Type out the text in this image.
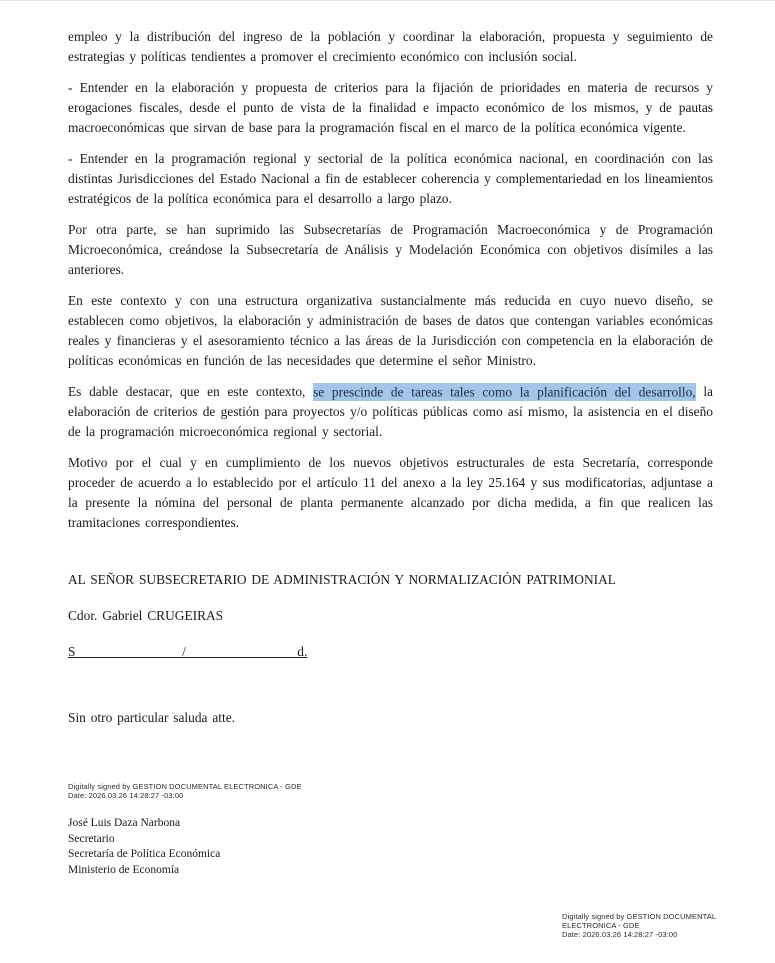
empleo y la distribución del ingreso de la población y coordinar la elaboración, propuesta y seguimiento de estrategias y políticas tendientes a promover el crecimiento económico con inclusión social.

- Entender en la elaboración y propuesta de criterios para la fijación de prioridades en materia de recursos y erogaciones fiscales, desde el punto de vista de la finalidad e impacto económico de los mismos, y de pautas macroeconómicas que sirvan de base para la programación fiscal en el marco de la política económica vigente.

- Entender en la programación regional y sectorial de la política económica nacional, en coordinación con las distintas Jurisdicciones del Estado Nacional a fin de establecer coherencia y complementariedad en los lineamientos estratégicos de la política económica para el desarrollo a largo plazo.

Por otra parte, se han suprimido las Subsecretarías de Programación Macroeconómica y de Programación Microeconómica, creándose la Subsecretaría de Análisis y Modelación Económica con objetivos disímiles a las anteriores.

En este contexto y con una estructura organizativa sustancialmente más reducida en cuyo nuevo diseño, se establecen como objetivos, la elaboración y administración de bases de datos que contengan variables económicas reales y financieras y el asesoramiento técnico a las áreas de la Jurisdicción con competencia en la elaboración de políticas económicas en función de las necesidades que determine el señor Ministro.

Es dable destacar, que en este contexto, se prescinde de tareas tales como la planificación del desarrollo, la elaboración de criterios de gestión para proyectos y/o políticas públicas como así mismo, la asistencia en el diseño de la programación microeconómica regional y sectorial.

Motivo por el cual y en cumplimiento de los nuevos objetivos estructurales de esta Secretaría, corresponde proceder de acuerdo a lo establecido por el artículo 11 del anexo a la ley 25.164 y sus modificatorias, adjuntase a la presente la nómina del personal de planta permanente alcanzado por dicha medida, a fin que realicen las tramitaciones correspondientes.

AL SEÑOR SUBSECRETARIO DE ADMINISTRACIÓN Y NORMALIZACIÓN PATRIMONIAL

Cdor. Gabriel CRUGEIRAS

S                      /                       d.

Sin otro particular saluda atte.

Digitally signed by GESTION DOCUMENTAL ELECTRONICA - GDE
Date: 2026.03.26 14:28:27 -03:00
José Luis Daza Narbona
Secretario
Secretaría de Política Económica
Ministerio de Economía
Digitally signed by GESTION DOCUMENTAL
ELECTRONICA - GDE
Date: 2026.03.26 14:28:27 -03:00
